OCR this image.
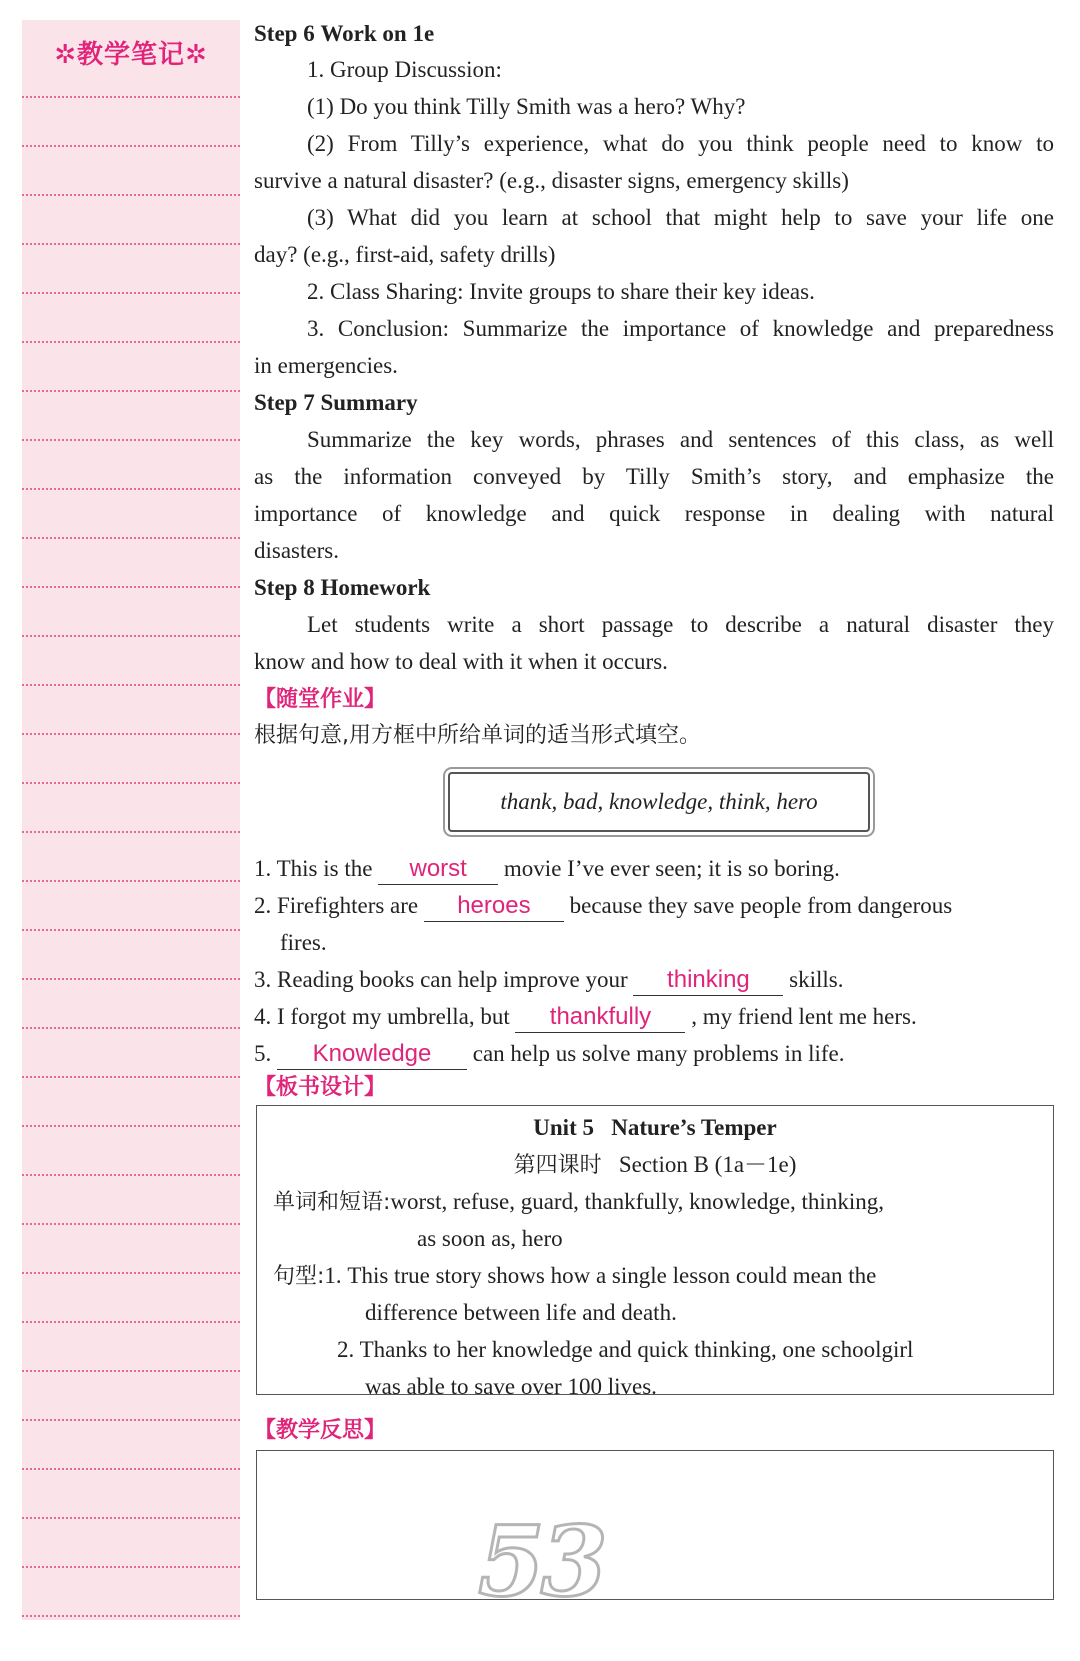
✲教学笔记✲
Step 6 Work on 1e
1. Group Discussion:
(1) Do you think Tilly Smith was a hero? Why?
(2) From Tilly’s experience, what do you think people need to know to
survive a natural disaster? (e.g., disaster signs, emergency skills)
(3) What did you learn at school that might help to save your life one
day? (e.g., first-aid, safety drills)
2. Class Sharing: Invite groups to share their key ideas.
3. Conclusion: Summarize the importance of knowledge and preparedness
in emergencies.
Step 7 Summary
Summarize the key words, phrases and sentences of this class, as well
as the information conveyed by Tilly Smith’s story, and emphasize the
importance of knowledge and quick response in dealing with natural
disasters.
Step 8 Homework
Let students write a short passage to describe a natural disaster they
know and how to deal with it when it occurs.
【随堂作业】
根据句意,用方框中所给单词的适当形式填空。
thank, bad, knowledge, think, hero
1. This is the worst movie I’ve ever seen; it is so boring.
2. Firefighters are heroes because they save people from dangerous
fires.
3. Reading books can help improve your thinking skills.
4. I forgot my umbrella, but thankfully , my friend lent me hers.
5. Knowledge can help us solve many problems in life.
【板书设计】
Unit 5 Nature’s Temper
第四课时 Section B (1a－1e)
单词和短语:worst, refuse, guard, thankfully, knowledge, thinking,
as soon as, hero
句型:1. This true story shows how a single lesson could mean the
difference between life and death.
2. Thanks to her knowledge and quick thinking, one schoolgirl
was able to save over 100 lives.
【教学反思】
53
